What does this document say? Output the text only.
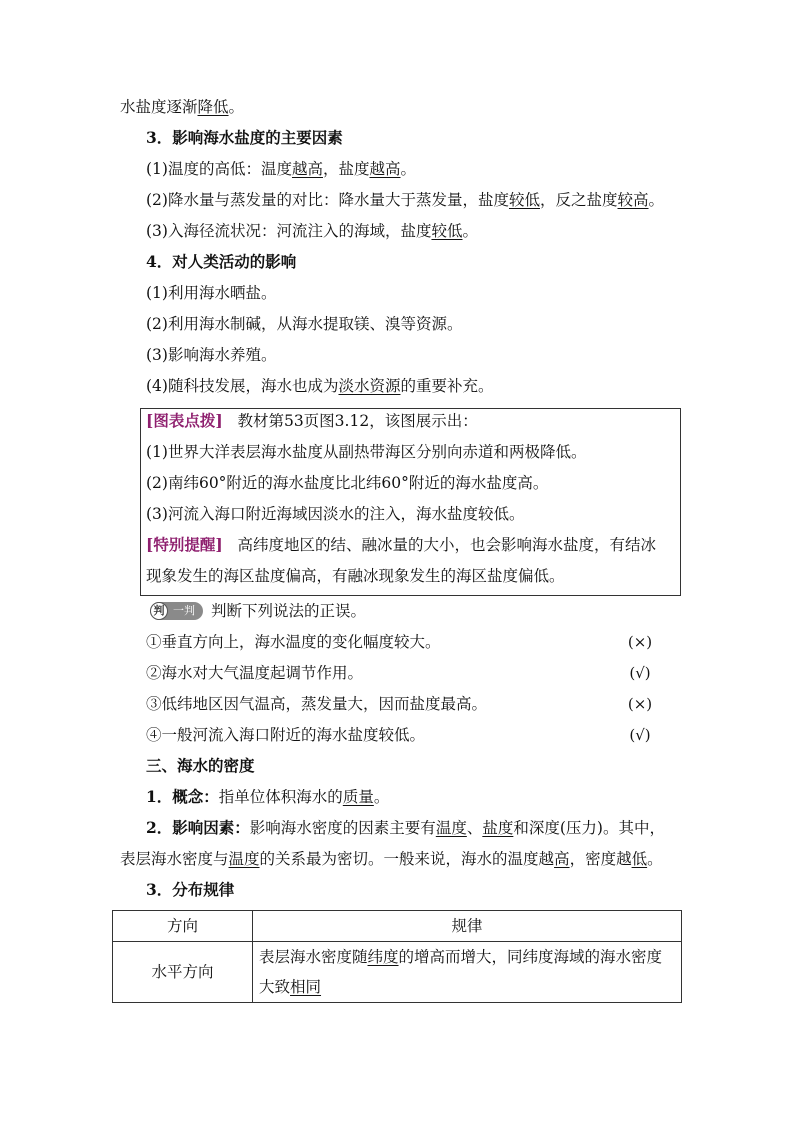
水盐度逐渐降低。
3．影响海水盐度的主要因素
(1)温度的高低：温度越高，盐度越高。
(2)降水量与蒸发量的对比：降水量大于蒸发量，盐度较低，反之盐度较高。
(3)入海径流状况：河流注入的海域，盐度较低。
4．对人类活动的影响
(1)利用海水晒盐。
(2)利用海水制碱，从海水提取镁、溴等资源。
(3)影响海水养殖。
(4)随科技发展，海水也成为淡水资源的重要补充。
[图表点拨] 教材第53页图3.12，该图展示出：
(1)世界大洋表层海水盐度从副热带海区分别向赤道和两极降低。
(2)南纬60°附近的海水盐度比北纬60°附近的海水盐度高。
(3)河流入海口附近海域因淡水的注入，海水盐度较低。
[特别提醒] 高纬度地区的结、融冰量的大小，也会影响海水盐度，有结冰
现象发生的海区盐度偏高，有融冰现象发生的海区盐度偏低。
判 一判 判断下列说法的正误。
①垂直方向上，海水温度的变化幅度较大。	(×)
②海水对大气温度起调节作用。	(√)
③低纬地区因气温高，蒸发量大，因而盐度最高。	(×)
④一般河流入海口附近的海水盐度较低。	(√)
三、海水的密度
1．概念：指单位体积海水的质量。
2．影响因素：影响海水密度的因素主要有温度、盐度和深度(压力)。其中，
表层海水密度与温度的关系最为密切。一般来说，海水的温度越高，密度越低。
3．分布规律
方向	规律
水平方向	表层海水密度随纬度的增高而增大，同纬度海域的海水密度大致相同
